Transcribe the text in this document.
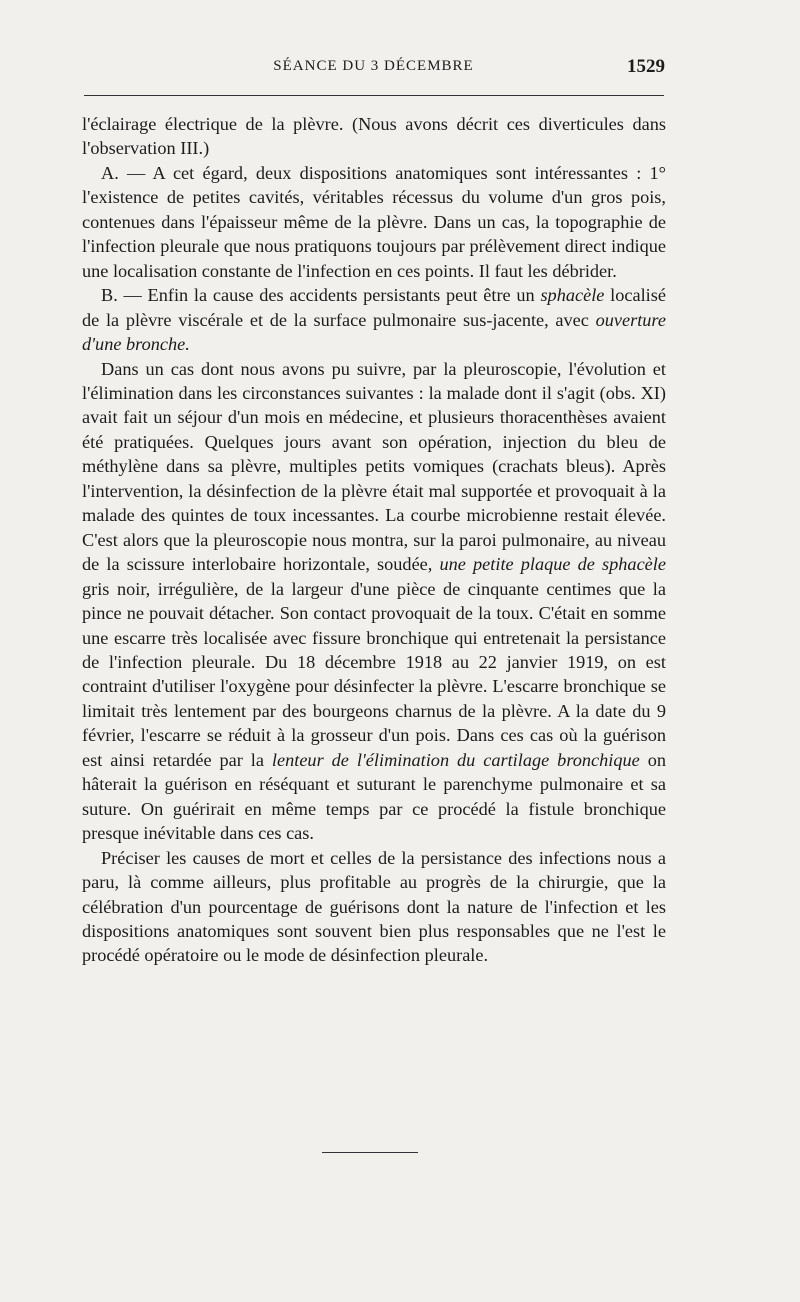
SÉANCE DU 3 DÉCEMBRE	1529

l'éclairage électrique de la plèvre. (Nous avons décrit ces diverticules dans l'observation III.)

A. — A cet égard, deux dispositions anatomiques sont intéressantes : 1° l'existence de petites cavités, véritables récessus du volume d'un gros pois, contenues dans l'épaisseur même de la plèvre. Dans un cas, la topographie de l'infection pleurale que nous pratiquons toujours par prélèvement direct indique une localisation constante de l'infection en ces points. Il faut les débrider.

B. — Enfin la cause des accidents persistants peut être un sphacèle localisé de la plèvre viscérale et de la surface pulmonaire sus-jacente, avec ouverture d'une bronche.

Dans un cas dont nous avons pu suivre, par la pleuroscopie, l'évolution et l'élimination dans les circonstances suivantes : la malade dont il s'agit (obs. XI) avait fait un séjour d'un mois en médecine, et plusieurs thoracenthèses avaient été pratiquées. Quelques jours avant son opération, injection du bleu de méthylène dans sa plèvre, multiples petits vomiques (crachats bleus). Après l'intervention, la désinfection de la plèvre était mal supportée et provoquait à la malade des quintes de toux incessantes. La courbe microbienne restait élevée. C'est alors que la pleuroscopie nous montra, sur la paroi pulmonaire, au niveau de la scissure interlobaire horizontale, soudée, une petite plaque de sphacèle gris noir, irrégulière, de la largeur d'une pièce de cinquante centimes que la pince ne pouvait détacher. Son contact provoquait de la toux. C'était en somme une escarre très localisée avec fissure bronchique qui entretenait la persistance de l'infection pleurale. Du 18 décembre 1918 au 22 janvier 1919, on est contraint d'utiliser l'oxygène pour désinfecter la plèvre. L'escarre bronchique se limitait très lentement par des bourgeons charnus de la plèvre. A la date du 9 février, l'escarre se réduit à la grosseur d'un pois. Dans ces cas où la guérison est ainsi retardée par la lenteur de l'élimination du cartilage bronchique on hâterait la guérison en réséquant et suturant le parenchyme pulmonaire et sa suture. On guérirait en même temps par ce procédé la fistule bronchique presque inévitable dans ces cas.

Préciser les causes de mort et celles de la persistance des infections nous a paru, là comme ailleurs, plus profitable au progrès de la chirurgie, que la célébration d'un pourcentage de guérisons dont la nature de l'infection et les dispositions anatomiques sont souvent bien plus responsables que ne l'est le procédé opératoire ou le mode de désinfection pleurale.
